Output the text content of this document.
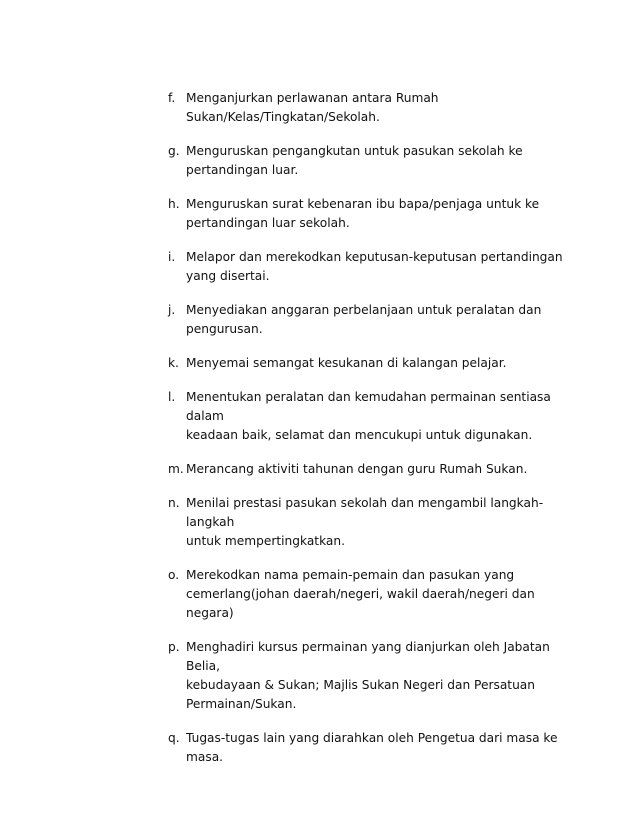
f. Menganjurkan perlawanan antara Rumah
Sukan/Kelas/Tingkatan/Sekolah.
g. Menguruskan pengangkutan untuk pasukan sekolah ke
pertandingan luar.
h. Menguruskan surat kebenaran ibu bapa/penjaga untuk ke
pertandingan luar sekolah.
i. Melapor dan merekodkan keputusan-keputusan pertandingan
yang disertai.
j. Menyediakan anggaran perbelanjaan untuk peralatan dan
pengurusan.
k. Menyemai semangat kesukanan di kalangan pelajar.
l. Menentukan peralatan dan kemudahan permainan sentiasa dalam
keadaan baik, selamat dan mencukupi untuk digunakan.
m. Merancang aktiviti tahunan dengan guru Rumah Sukan.
n. Menilai prestasi pasukan sekolah dan mengambil langkah-langkah
untuk mempertingkatkan.
o. Merekodkan nama pemain-pemain dan pasukan yang
cemerlang(johan daerah/negeri, wakil daerah/negeri dan negara)
p. Menghadiri kursus permainan yang dianjurkan oleh Jabatan Belia,
kebudayaan & Sukan; Majlis Sukan Negeri dan Persatuan
Permainan/Sukan.
q. Tugas-tugas lain yang diarahkan oleh Pengetua dari masa ke
masa.
